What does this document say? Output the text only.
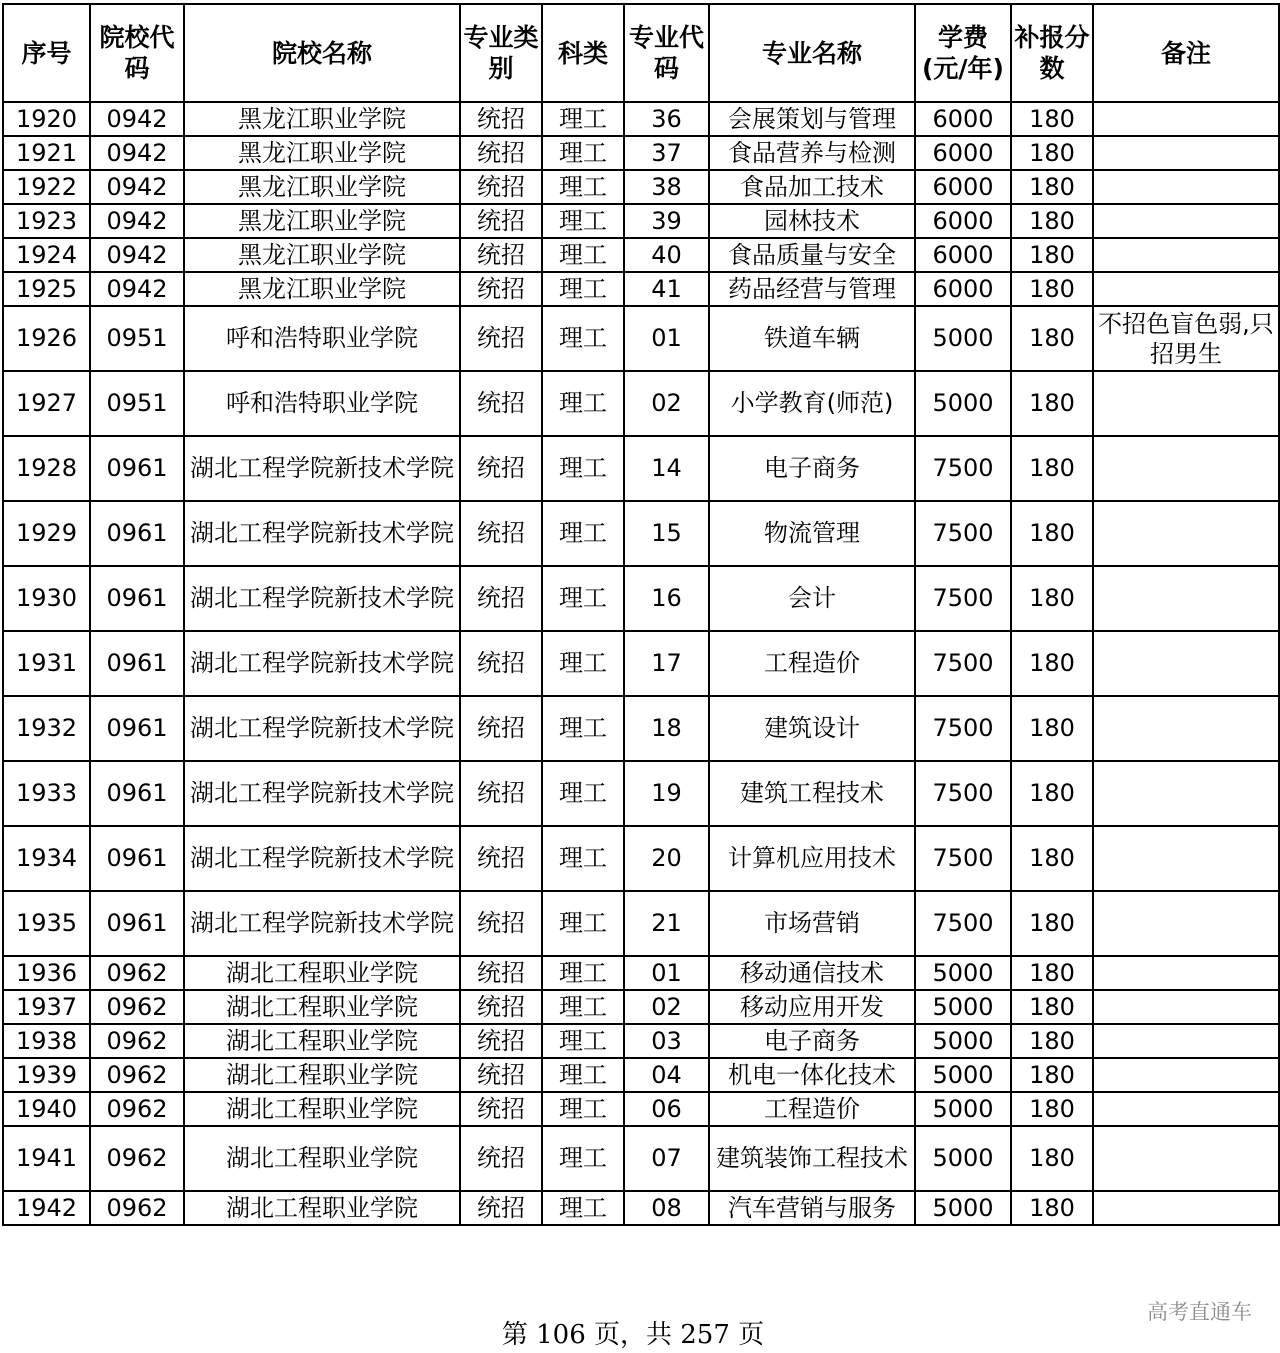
序号	院校代码	院校名称	专业类别	科类	专业代码	专业名称	学费(元/年)	补报分数	备注
1920	0942	黑龙江职业学院	统招	理工	36	会展策划与管理	6000	180	
1921	0942	黑龙江职业学院	统招	理工	37	食品营养与检测	6000	180	
1922	0942	黑龙江职业学院	统招	理工	38	食品加工技术	6000	180	
1923	0942	黑龙江职业学院	统招	理工	39	园林技术	6000	180	
1924	0942	黑龙江职业学院	统招	理工	40	食品质量与安全	6000	180	
1925	0942	黑龙江职业学院	统招	理工	41	药品经营与管理	6000	180	
1926	0951	呼和浩特职业学院	统招	理工	01	铁道车辆	5000	180	不招色盲色弱,只招男生
1927	0951	呼和浩特职业学院	统招	理工	02	小学教育(师范)	5000	180	
1928	0961	湖北工程学院新技术学院	统招	理工	14	电子商务	7500	180	
1929	0961	湖北工程学院新技术学院	统招	理工	15	物流管理	7500	180	
1930	0961	湖北工程学院新技术学院	统招	理工	16	会计	7500	180	
1931	0961	湖北工程学院新技术学院	统招	理工	17	工程造价	7500	180	
1932	0961	湖北工程学院新技术学院	统招	理工	18	建筑设计	7500	180	
1933	0961	湖北工程学院新技术学院	统招	理工	19	建筑工程技术	7500	180	
1934	0961	湖北工程学院新技术学院	统招	理工	20	计算机应用技术	7500	180	
1935	0961	湖北工程学院新技术学院	统招	理工	21	市场营销	7500	180	
1936	0962	湖北工程职业学院	统招	理工	01	移动通信技术	5000	180	
1937	0962	湖北工程职业学院	统招	理工	02	移动应用开发	5000	180	
1938	0962	湖北工程职业学院	统招	理工	03	电子商务	5000	180	
1939	0962	湖北工程职业学院	统招	理工	04	机电一体化技术	5000	180	
1940	0962	湖北工程职业学院	统招	理工	06	工程造价	5000	180	
1941	0962	湖北工程职业学院	统招	理工	07	建筑装饰工程技术	5000	180	
1942	0962	湖北工程职业学院	统招	理工	08	汽车营销与服务	5000	180	
第 106 页，共 257 页
高考直通车
